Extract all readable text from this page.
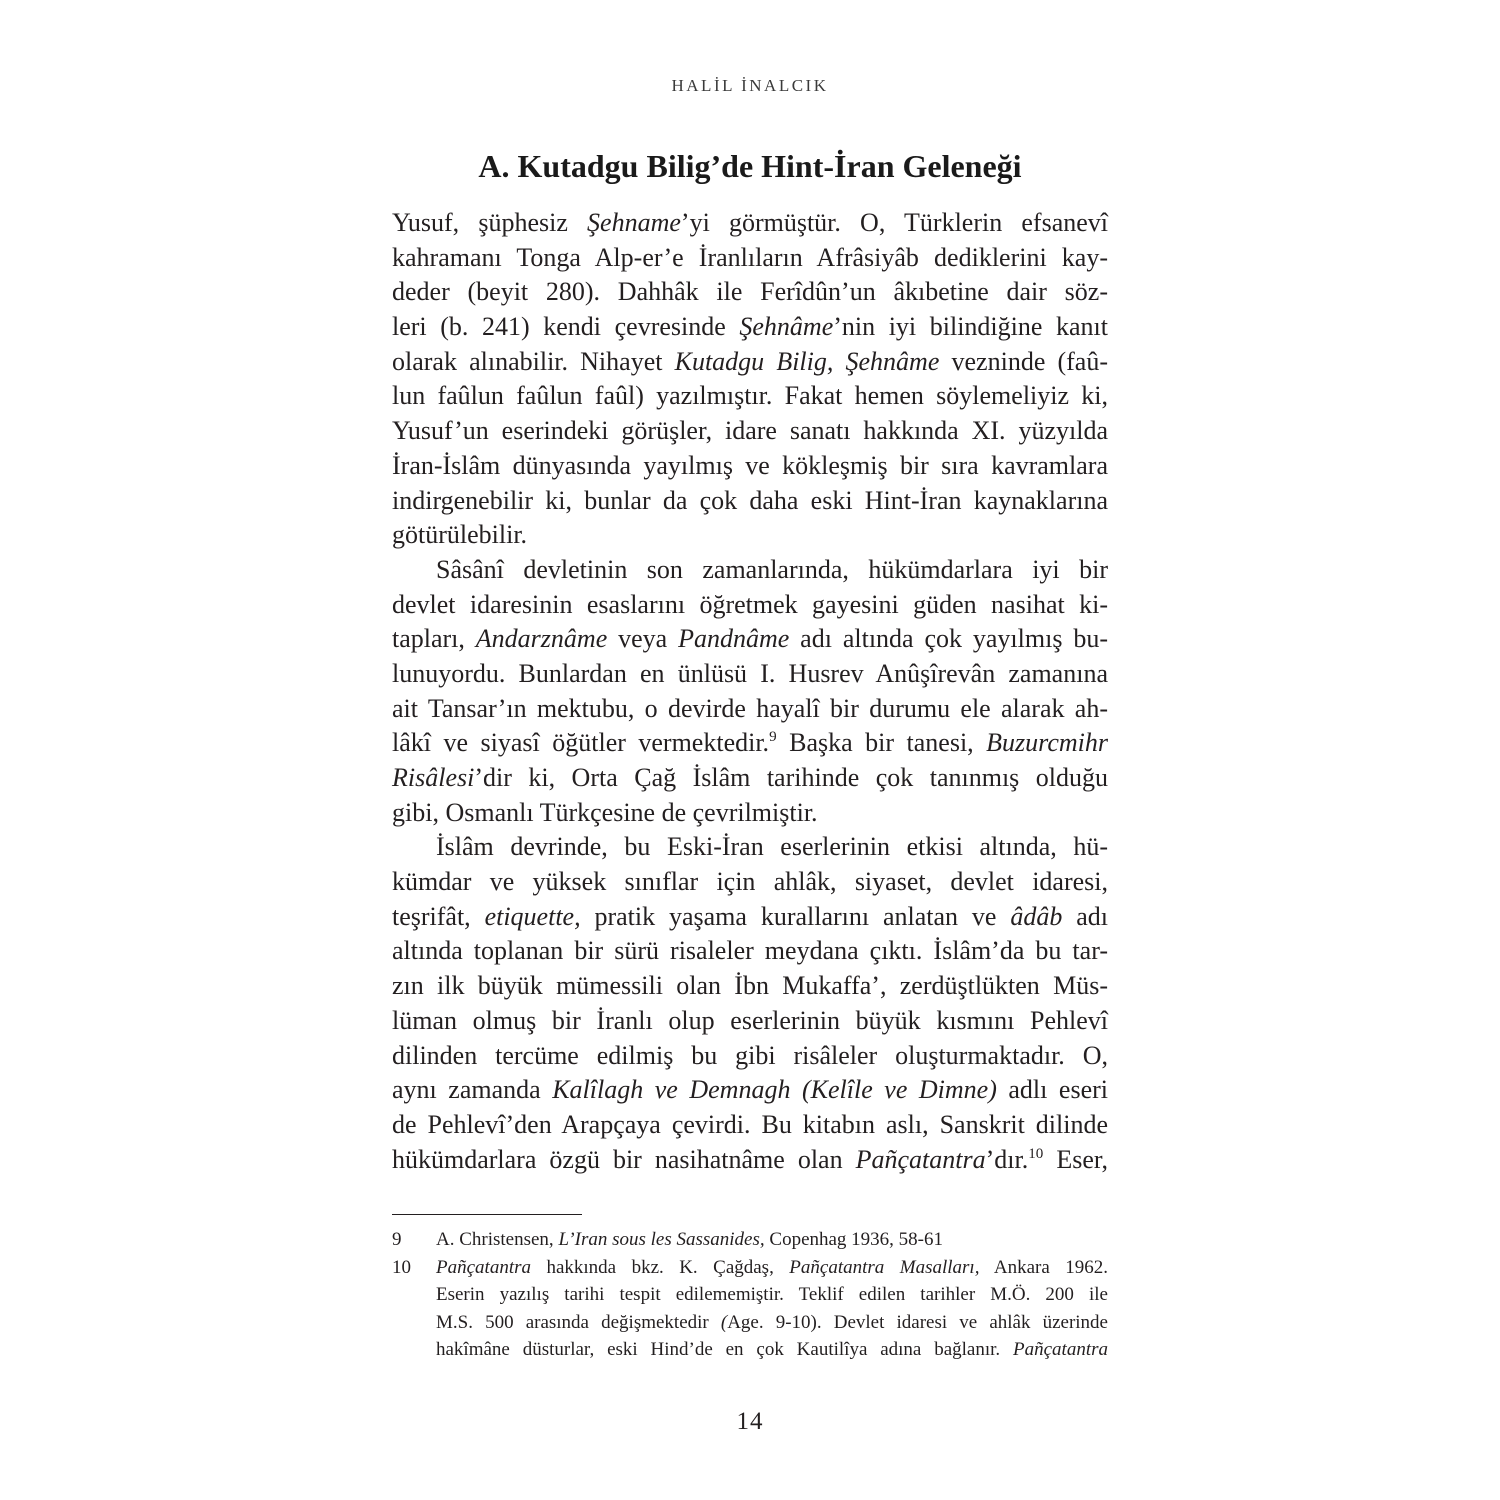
HALİL İNALCIK
A. Kutadgu Bilig’de Hint-İran Geleneği
Yusuf, şüphesiz Şehname’yi görmüştür. O, Türklerin efsanevî
kahramanı Tonga Alp-er’e İranlıların Afrâsiyâb dediklerini kay-
deder (beyit 280). Dahhâk ile Ferîdûn’un âkıbetine dair söz-
leri (b. 241) kendi çevresinde Şehnâme’nin iyi bilindiğine kanıt
olarak alınabilir. Nihayet Kutadgu Bilig, Şehnâme vezninde (faû-
lun faûlun faûlun faûl) yazılmıştır. Fakat hemen söylemeliyiz ki,
Yusuf’un eserindeki görüşler, idare sanatı hakkında XI. yüzyılda
İran-İslâm dünyasında yayılmış ve kökleşmiş bir sıra kavramlara
indirgenebilir ki, bunlar da çok daha eski Hint-İran kaynaklarına
götürülebilir.
Sâsânî devletinin son zamanlarında, hükümdarlara iyi bir
devlet idaresinin esaslarını öğretmek gayesini güden nasihat ki-
tapları, Andarznâme veya Pandnâme adı altında çok yayılmış bu-
lunuyordu. Bunlardan en ünlüsü I. Husrev Anûşîrevân zamanına
ait Tansar’ın mektubu, o devirde hayalî bir durumu ele alarak ah-
lâkî ve siyasî öğütler vermektedir.$^9$ Başka bir tanesi, Buzurcmihr
Risâlesi’dir ki, Orta Çağ İslâm tarihinde çok tanınmış olduğu
gibi, Osmanlı Türkçesine de çevrilmiştir.
İslâm devrinde, bu Eski-İran eserlerinin etkisi altında, hü-
kümdar ve yüksek sınıflar için ahlâk, siyaset, devlet idaresi,
teşrifât, etiquette, pratik yaşama kurallarını anlatan ve âdâb adı
altında toplanan bir sürü risaleler meydana çıktı. İslâm’da bu tar-
zın ilk büyük mümessili olan İbn Mukaffa’, zerdüştlükten Müs-
lüman olmuş bir İranlı olup eserlerinin büyük kısmını Pehlevî
dilinden tercüme edilmiş bu gibi risâleler oluşturmaktadır. O,
aynı zamanda Kalîlagh ve Demnagh (Kelîle ve Dimne) adlı eseri
de Pehlevî’den Arapçaya çevirdi. Bu kitabın aslı, Sanskrit dilinde
hükümdarlara özgü bir nasihatnâme olan Pañçatantra’dır.$^{10}$ Eser,
9 A. Christensen, L’Iran sous les Sassanides, Copenhag 1936, 58-61
10 Pañçatantra hakkında bkz. K. Çağdaş, Pañçatantra Masalları, Ankara 1962.
Eserin yazılış tarihi tespit edilememiştir. Teklif edilen tarihler M.Ö. 200 ile
M.S. 500 arasında değişmektedir (Age. 9-10). Devlet idaresi ve ahlâk üzerinde
hakîmâne düsturlar, eski Hind’de en çok Kautilîya adına bağlanır. Pañçatantra
14
